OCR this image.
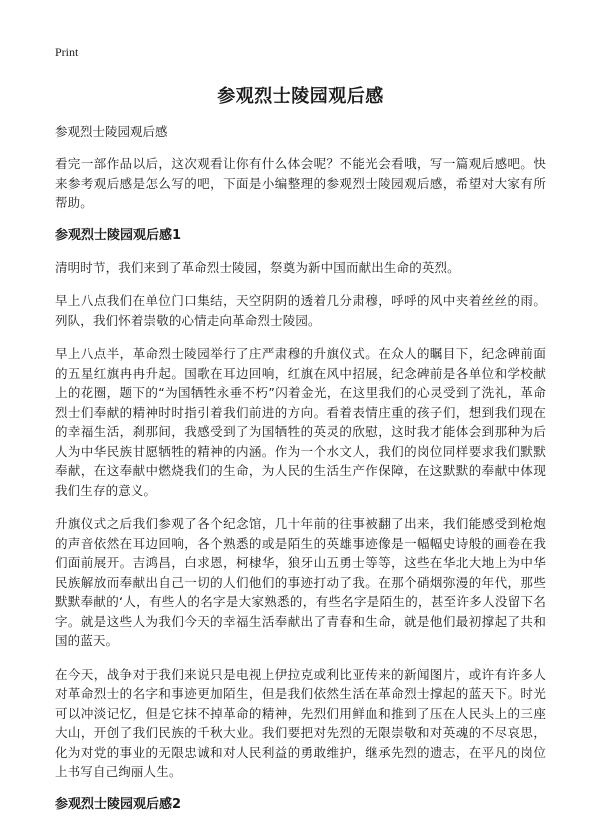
Print
参观烈士陵园观后感
参观烈士陵园观后感

看完一部作品以后，这次观看让你有什么体会呢？不能光会看哦，写一篇观后感吧。快来参考观后感是怎么写的吧，下面是小编整理的参观烈士陵园观后感，希望对大家有所帮助。

参观烈士陵园观后感1

清明时节，我们来到了革命烈士陵园，祭奠为新中国而献出生命的英烈。

早上八点我们在单位门口集结，天空阴阴的透着几分肃穆，呼呼的风中夹着丝丝的雨。列队，我们怀着崇敬的心情走向革命烈士陵园。

早上八点半，革命烈士陵园举行了庄严肃穆的升旗仪式。在众人的瞩目下，纪念碑前面的五星红旗冉冉升起。国歌在耳边回响，红旗在风中招展，纪念碑前是各单位和学校献上的花圈，题下的“为国牺牲永垂不朽”闪着金光，在这里我们的心灵受到了洗礼，革命烈士们奉献的精神时时指引着我们前进的方向。看着表情庄重的孩子们，想到我们现在的幸福生活，刹那间，我感受到了为国牺牲的英灵的欣慰，这时我才能体会到那种为后人为中华民族甘愿牺牲的精神的内涵。作为一个水文人，我们的岗位同样要求我们默默奉献，在这奉献中燃烧我们的生命，为人民的生活生产作保障，在这默默的奉献中体现我们生存的意义。

升旗仪式之后我们参观了各个纪念馆，几十年前的往事被翻了出来，我们能感受到枪炮的声音依然在耳边回响，各个熟悉的或是陌生的英雄事迹像是一幅幅史诗般的画卷在我们面前展开。吉鸿昌，白求恩，柯棣华，狼牙山五勇士等等，这些在华北大地上为中华民族解放而奉献出自己一切的人们他们的事迹打动了我。在那个硝烟弥漫的年代，那些默默奉献的‘人，有些人的名字是大家熟悉的，有些名字是陌生的，甚至许多人没留下名字。就是这些人为我们今天的幸福生活奉献出了青春和生命，就是他们最初撑起了共和国的蓝天。

在今天，战争对于我们来说只是电视上伊拉克或利比亚传来的新闻图片，或许有许多人对革命烈士的名字和事迹更加陌生，但是我们依然生活在革命烈士撑起的蓝天下。时光可以冲淡记忆，但是它抹不掉革命的精神，先烈们用鲜血和推到了压在人民头上的三座大山，开创了我们民族的千秋大业。我们要把对先烈的无限崇敬和对英魂的不尽哀思，化为对党的事业的无限忠诚和对人民利益的勇敢维护，继承先烈的遗志，在平凡的岗位上书写自己绚丽人生。

参观烈士陵园观后感2
